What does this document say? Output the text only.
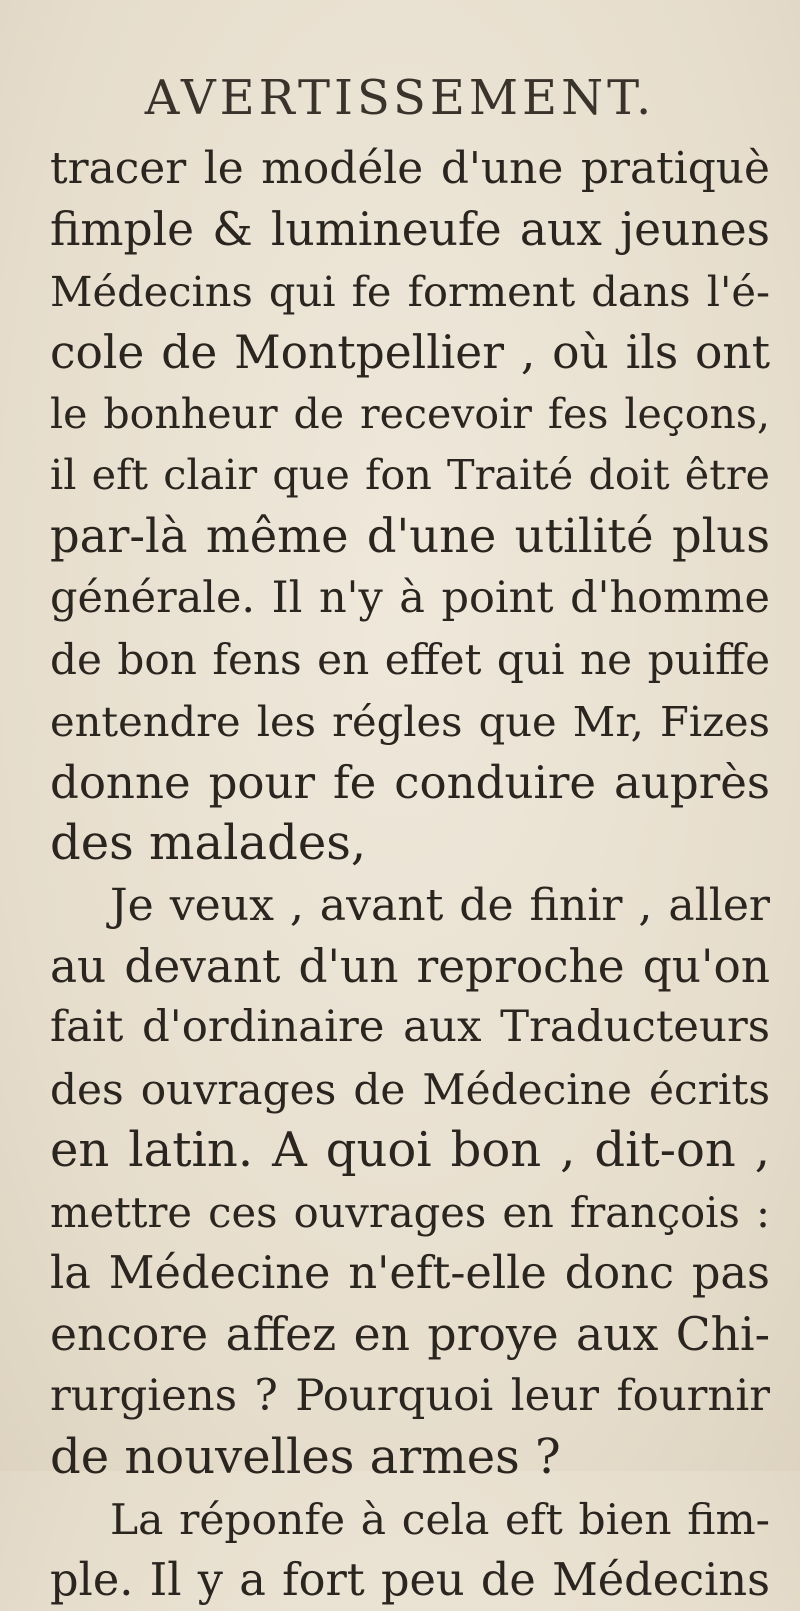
AVERTISSEMENT.
tracer le modéle d'une pratiquè
fimple & lumineufe aux jeunes
Médecins qui fe forment dans l'é-
cole de Montpellier , où ils ont
le bonheur de recevoir fes leçons,
il eft clair que fon Traité doit être
par-là même d'une utilité plus
générale. Il n'y à point d'homme
de bon fens en effet qui ne puiffe
entendre les régles que Mr, Fizes
donne pour fe conduire auprès
des malades,
Je veux , avant de finir , aller
au devant d'un reproche qu'on
fait d'ordinaire aux Traducteurs
des ouvrages de Médecine écrits
en latin. A quoi bon , dit-on ,
mettre ces ouvrages en françois :
la Médecine n'eft-elle donc pas
encore affez en proye aux Chi-
rurgiens ? Pourquoi leur fournir
de nouvelles armes ?
La réponfe à cela eft bien fim-
ple. Il y a fort peu de Médecins
